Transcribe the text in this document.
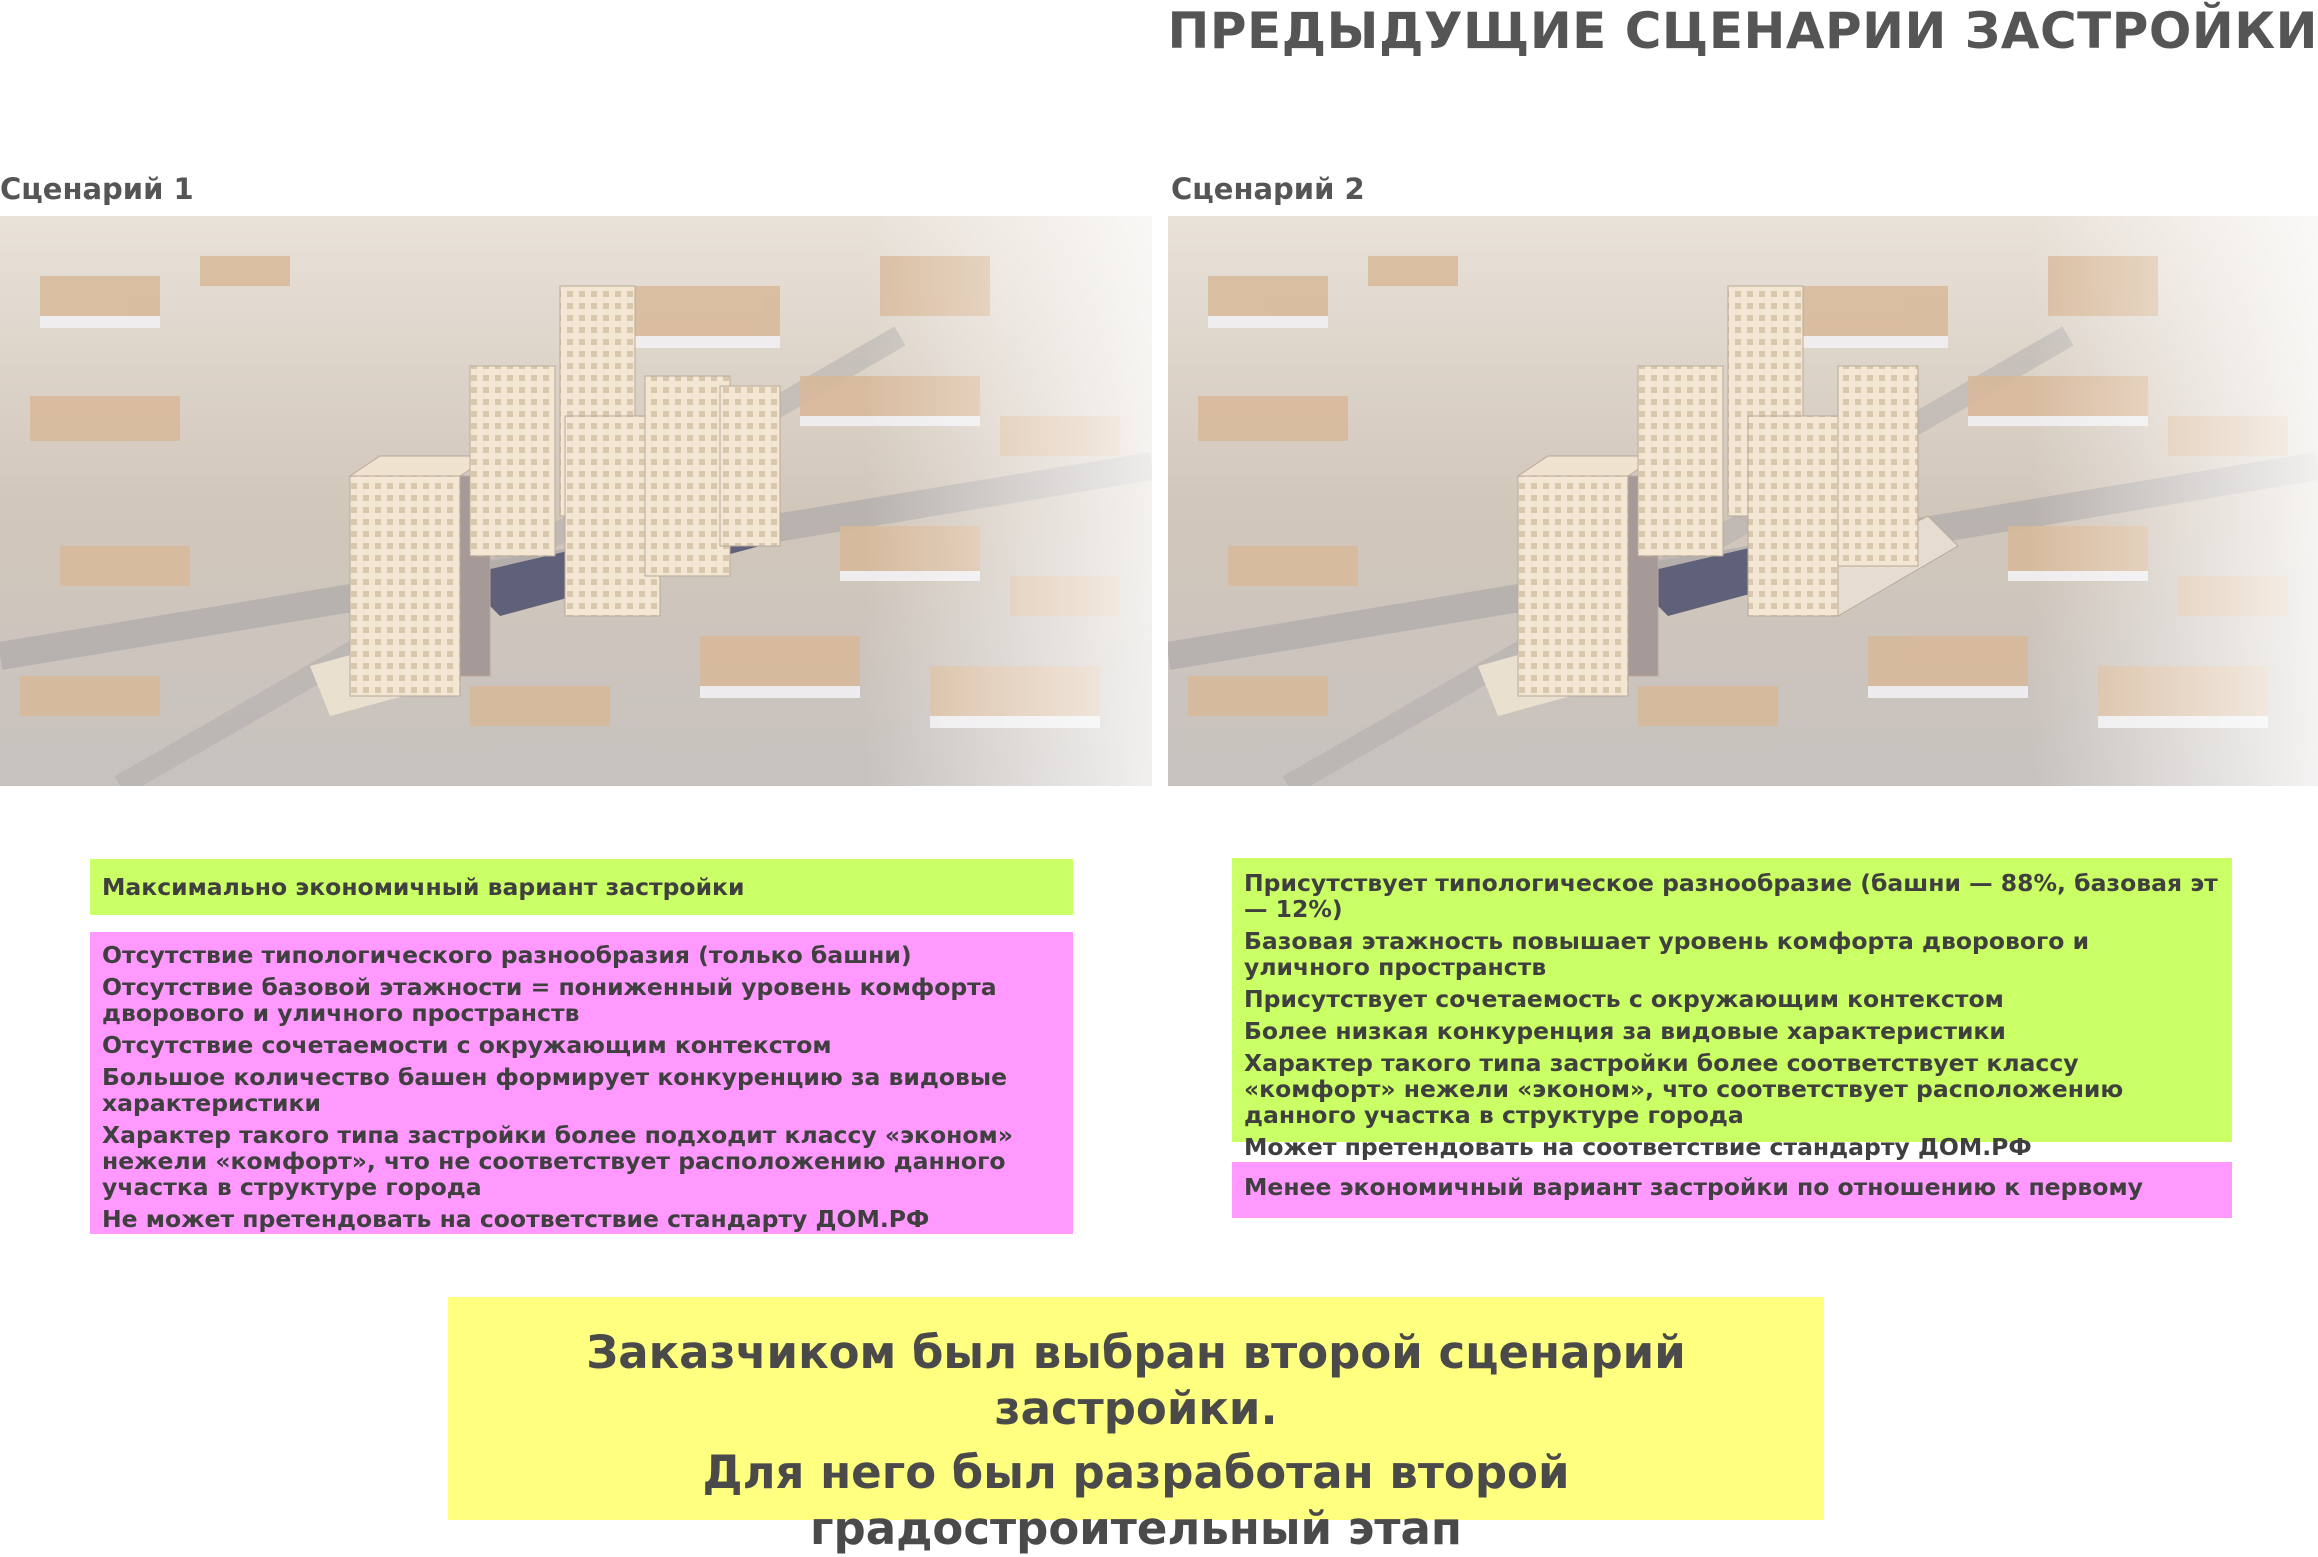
ПРЕДЫДУЩИЕ СЦЕНАРИИ ЗАСТРОЙКИ
Сценарий 1	Сценарий 2
Максимально экономичный вариант застройки
Отсутствие типологического разнообразия (только башни)
Отсутствие базовой этажности = пониженный уровень комфорта дворового и уличного пространств
Отсутствие сочетаемости с окружающим контекстом
Большое количество башен формирует конкуренцию за видовые характеристики
Характер такого типа застройки более подходит классу «эконом» нежели «комфорт», что не соответствует расположению данного участка в структуре города
Не может претендовать на соответствие стандарту ДОМ.РФ
Присутствует типологическое разнообразие (башни — 88%, базовая эт — 12%)
Базовая этажность повышает уровень комфорта дворового и уличного пространств
Присутствует сочетаемость с окружающим контекстом
Более низкая конкуренция за видовые характеристики
Характер такого типа застройки более соответствует классу «комфорт» нежели «эконом», что соответствует расположению данного участка в структуре города
Может претендовать на соответствие стандарту ДОМ.РФ
Менее экономичный вариант застройки по отношению к первому
Заказчиком был выбран второй сценарий застройки.
Для него был разработан второй градостроительный этап
